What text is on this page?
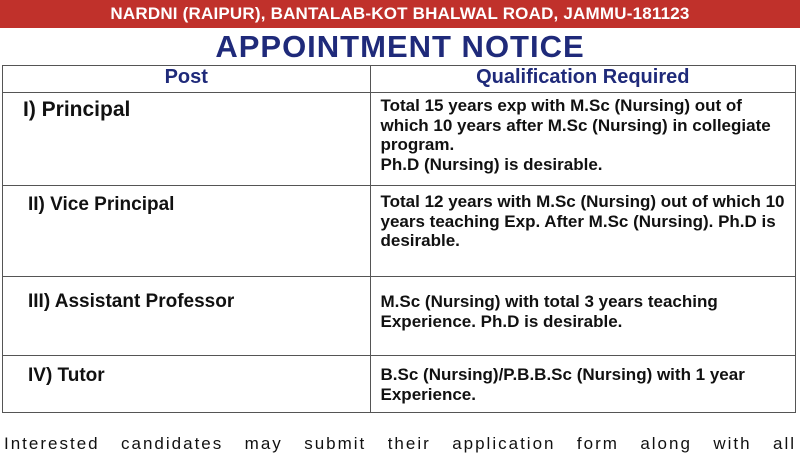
NARDNI (RAIPUR), BANTALAB-KOT BHALWAL ROAD, JAMMU-181123
APPOINTMENT NOTICE
Post	Qualification Required

I) Principal	Total 15 years exp with M.Sc (Nursing) out of which 10 years after M.Sc (Nursing) in collegiate program.
Ph.D (Nursing) is desirable.

II) Vice Principal	Total 12 years with M.Sc (Nursing) out of which 10 years teaching Exp. After M.Sc (Nursing). Ph.D is desirable.

III) Assistant Professor	M.Sc (Nursing) with total 3 years teaching Experience. Ph.D is desirable.

IV) Tutor	B.Sc (Nursing)/P.B.B.Sc (Nursing) with 1 year Experience.
Interested candidates may submit their application form along with all
